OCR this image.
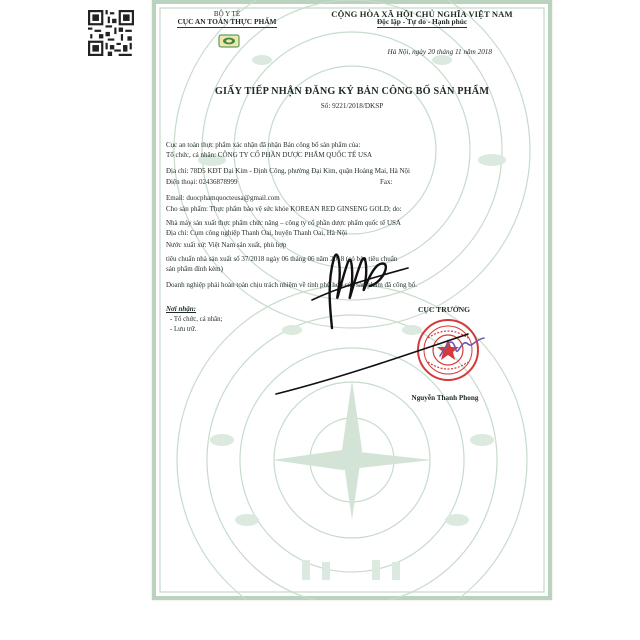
BỘ Y TẾ
CỤC AN TOÀN THỰC PHẨM
CỘNG HÒA XÃ HỘI CHỦ NGHĨA VIỆT NAM
Độc lập - Tự do - Hạnh phúc
Hà Nội, ngày 20 tháng 11 năm 2018
GIẤY TIẾP NHẬN ĐĂNG KÝ BẢN CÔNG BỐ SẢN PHẨM
Số: 9221/2018/DKSP
Cục an toàn thực phẩm xác nhận đã nhận Bản công bố sản phẩm của:
Tổ chức, cá nhân: CÔNG TY CỔ PHẦN DƯỢC PHẨM QUỐC TẾ USA
Địa chỉ: 78D5 KĐT Đại Kim - Định Công, phường Đại Kim, quận Hoàng Mai, Hà Nội
Điện thoại: 02436878999	Fax:
Email: duocphamquocteusa@gmail.com
Cho sản phẩm: Thực phẩm bảo vệ sức khỏe KOREAN RED GINSENG GOLD; do:
Nhà máy sản xuất thực phẩm chức năng – công ty cổ phần dược phẩm quốc tế USA
Địa chỉ: Cụm công nghiệp Thanh Oai, huyện Thanh Oai, Hà Nội
Nước xuất xứ: Việt Nam sản xuất, phù hợp
tiêu chuẩn nhà sản xuất số 37/2018 ngày 06 tháng 06 năm 2018 (có bản tiêu chuẩn
sản phẩm đính kèm)
Doanh nghiệp phải hoàn toàn chịu trách nhiệm về tính phù hợp của sản phẩm đã công bố.
Nơi nhận:
- Tổ chức, cá nhân;
- Lưu trữ.
CỤC TRƯỞNG
Nguyễn Thanh Phong
